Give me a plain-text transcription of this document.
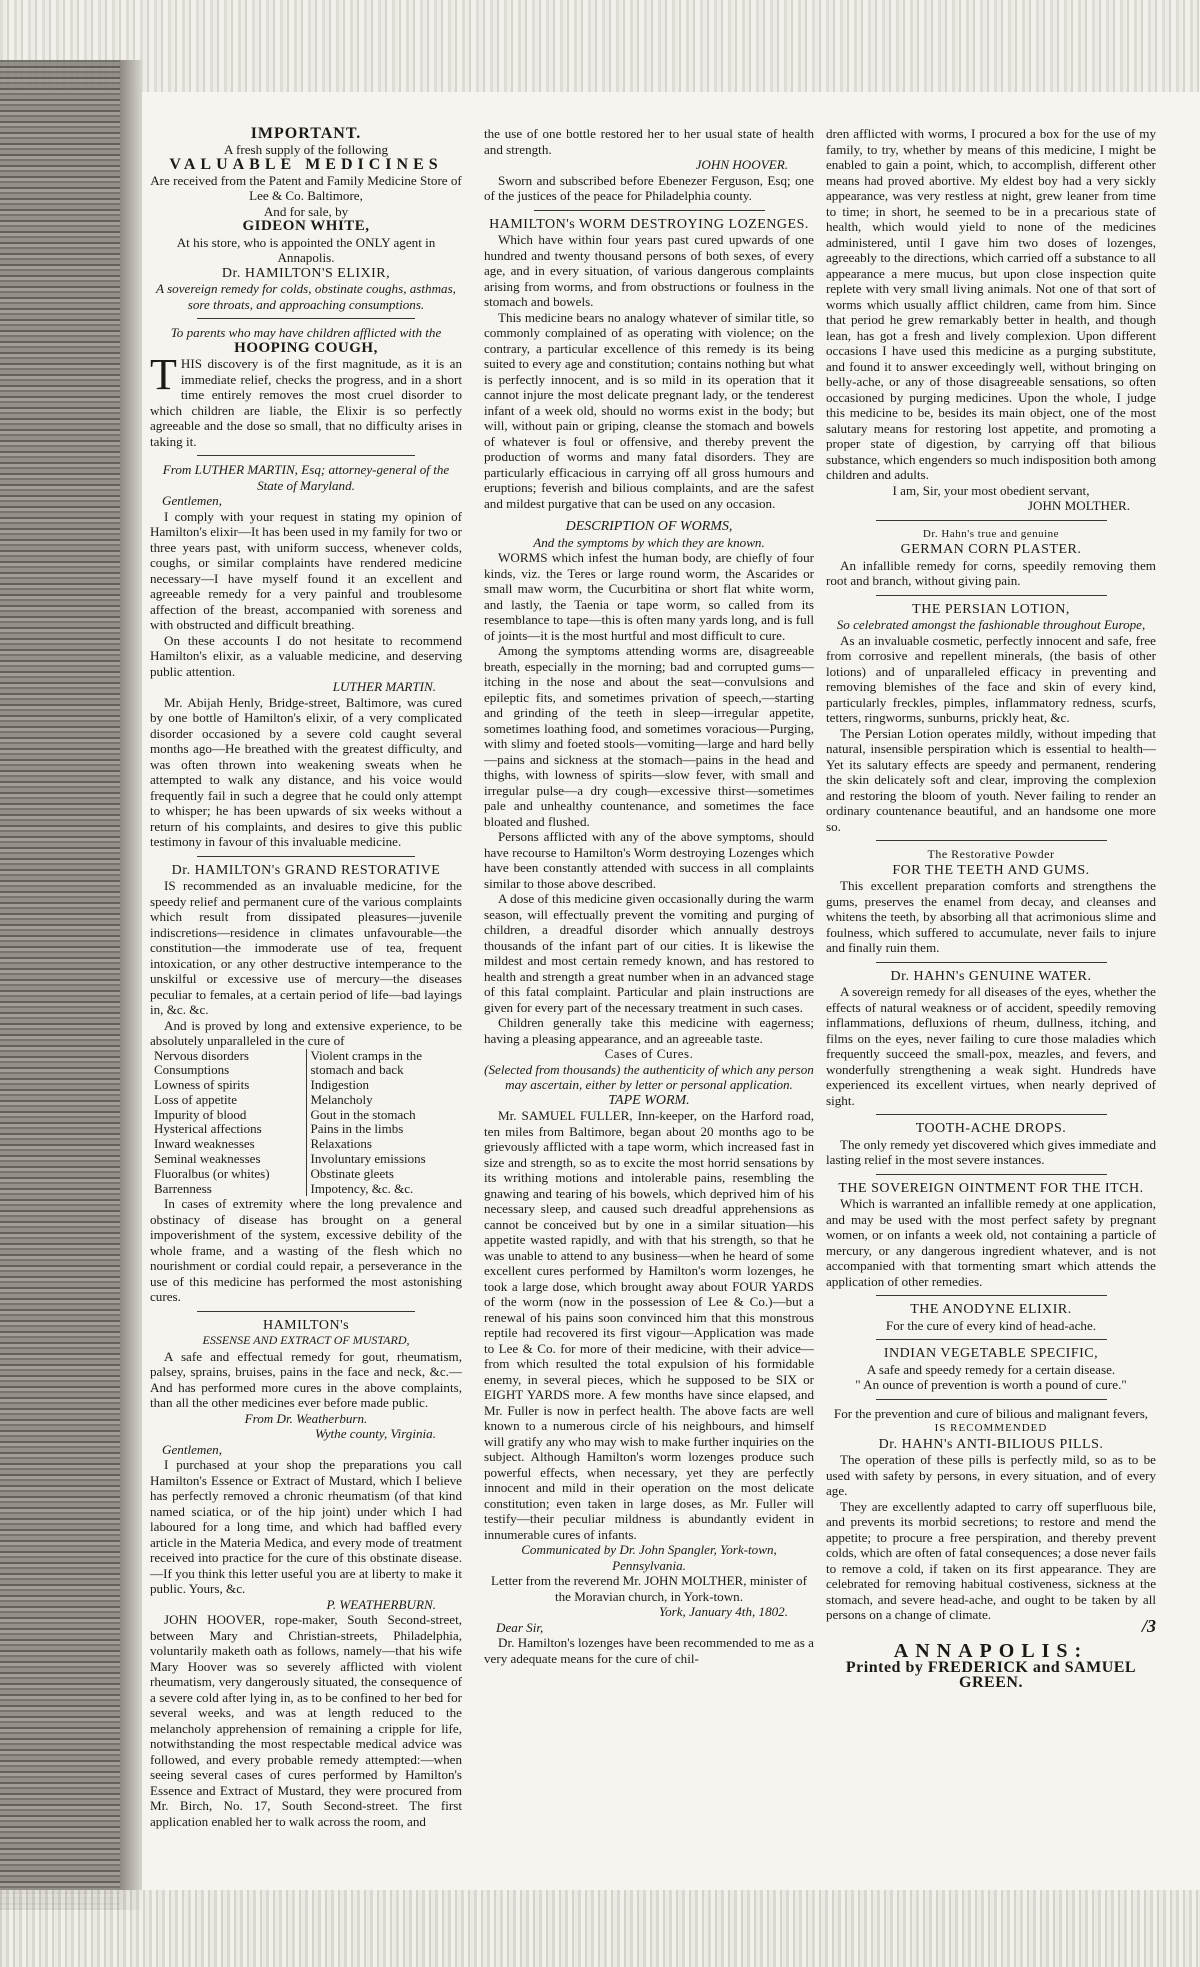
IMPORTANT.
A fresh supply of the following
VALUABLE MEDICINES
Are received from the Patent and Family Medicine Store of Lee & Co. Baltimore,
And for sale, by
GIDEON WHITE,
At his store, who is appointed the ONLY agent in Annapolis.
Dr. HAMILTON'S ELIXIR,
A sovereign remedy for colds, obstinate coughs, asthmas, sore throats, and approaching consumptions.
To parents who may have children afflicted with the
HOOPING COUGH,

THIS discovery is of the first magnitude, as it is an immediate relief, checks the progress, and in a short time entirely removes the most cruel disorder to which children are liable, the Elixir is so perfectly agreeable and the dose so small, that no difficulty arises in taking it.

From LUTHER MARTIN, Esq; attorney-general of the State of Maryland.
Gentlemen,

I comply with your request in stating my opinion of Hamilton's elixir—It has been used in my family for two or three years past, with uniform success, whenever colds, coughs, or similar complaints have rendered medicine necessary—I have myself found it an excellent and agreeable remedy for a very painful and troublesome affection of the breast, accompanied with soreness and with obstructed and difficult breathing.

On these accounts I do not hesitate to recommend Hamilton's elixir, as a valuable medicine, and deserving public attention.

LUTHER MARTIN.

Mr. Abijah Henly, Bridge-street, Baltimore, was cured by one bottle of Hamilton's elixir, of a very complicated disorder occasioned by a severe cold caught several months ago—He breathed with the greatest difficulty, and was often thrown into weakening sweats when he attempted to walk any distance, and his voice would frequently fail in such a degree that he could only attempt to whisper; he has been upwards of six weeks without a return of his complaints, and desires to give this public testimony in favour of this invaluable medicine.

Dr. HAMILTON's GRAND RESTORATIVE

IS recommended as an invaluable medicine, for the speedy relief and permanent cure of the various complaints which result from dissipated pleasures—juvenile indiscretions—residence in climates unfavourable—the constitution—the immoderate use of tea, frequent intoxication, or any other destructive intemperance to the unskilful or excessive use of mercury—the diseases peculiar to females, at a certain period of life—bad layings in, &c. &c.

And is proved by long and extensive experience, to be absolutely unparalleled in the cure of

Nervous disorders	Violent cramps in the
Consumptions	stomach and back
Lowness of spirits	Indigestion
Loss of appetite	Melancholy
Impurity of blood	Gout in the stomach
Hysterical affections	Pains in the limbs
Inward weaknesses	Relaxations
Seminal weaknesses	Involuntary emissions
Fluoralbus (or whites)	Obstinate gleets
Barrenness	Impotency, &c. &c.

In cases of extremity where the long prevalence and obstinacy of disease has brought on a general impoverishment of the system, excessive debility of the whole frame, and a wasting of the flesh which no nourishment or cordial could repair, a perseverance in the use of this medicine has performed the most astonishing cures.

HAMILTON's
ESSENSE AND EXTRACT OF MUSTARD,

A safe and effectual remedy for gout, rheumatism, palsey, sprains, bruises, pains in the face and neck, &c.—And has performed more cures in the above complaints, than all the other medicines ever before made public.

From Dr. Weatherburn.
Wythe county, Virginia.
Gentlemen,

I purchased at your shop the preparations you call Hamilton's Essence or Extract of Mustard, which I believe has perfectly removed a chronic rheumatism (of that kind named sciatica, or of the hip joint) under which I had laboured for a long time, and which had baffled every article in the Materia Medica, and every mode of treatment received into practice for the cure of this obstinate disease.—If you think this letter useful you are at liberty to make it public. Yours, &c.

P. WEATHERBURN.

JOHN HOOVER, rope-maker, South Second-street, between Mary and Christian-streets, Philadelphia, voluntarily maketh oath as follows, namely—that his wife Mary Hoover was so severely afflicted with violent rheumatism, very dangerously situated, the consequence of a severe cold after lying in, as to be confined to her bed for several weeks, and was at length reduced to the melancholy apprehension of remaining a cripple for life, notwithstanding the most respectable medical advice was followed, and every probable remedy attempted:—when seeing several cases of cures performed by Hamilton's Essence and Extract of Mustard, they were procured from Mr. Birch, No. 17, South Second-street. The first application enabled her to walk across the room, and

the use of one bottle restored her to her usual state of health and strength.

JOHN HOOVER.

Sworn and subscribed before Ebenezer Ferguson, Esq; one of the justices of the peace for Philadelphia county.

HAMILTON's WORM DESTROYING LOZENGES.

Which have within four years past cured upwards of one hundred and twenty thousand persons of both sexes, of every age, and in every situation, of various dangerous complaints arising from worms, and from obstructions or foulness in the stomach and bowels.

This medicine bears no analogy whatever of similar title, so commonly complained of as operating with violence; on the contrary, a particular excellence of this remedy is its being suited to every age and constitution; contains nothing but what is perfectly innocent, and is so mild in its operation that it cannot injure the most delicate pregnant lady, or the tenderest infant of a week old, should no worms exist in the body; but will, without pain or griping, cleanse the stomach and bowels of whatever is foul or offensive, and thereby prevent the production of worms and many fatal disorders. They are particularly efficacious in carrying off all gross humours and eruptions; feverish and bilious complaints, and are the safest and mildest purgative that can be used on any occasion.

DESCRIPTION OF WORMS,
And the symptoms by which they are known.

WORMS which infest the human body, are chiefly of four kinds, viz. the Teres or large round worm, the Ascarides or small maw worm, the Cucurbitina or short flat white worm, and lastly, the Taenia or tape worm, so called from its resemblance to tape—this is often many yards long, and is full of joints—it is the most hurtful and most difficult to cure.

Among the symptoms attending worms are, disagreeable breath, especially in the morning; bad and corrupted gums—itching in the nose and about the seat—convulsions and epileptic fits, and sometimes privation of speech,—starting and grinding of the teeth in sleep—irregular appetite, sometimes loathing food, and sometimes voracious—Purging, with slimy and foeted stools—vomiting—large and hard belly—pains and sickness at the stomach—pains in the head and thighs, with lowness of spirits—slow fever, with small and irregular pulse—a dry cough—excessive thirst—sometimes pale and unhealthy countenance, and sometimes the face bloated and flushed.

Persons afflicted with any of the above symptoms, should have recourse to Hamilton's Worm destroying Lozenges which have been constantly attended with success in all complaints similar to those above described.

A dose of this medicine given occasionally during the warm season, will effectually prevent the vomiting and purging of children, a dreadful disorder which annually destroys thousands of the infant part of our cities. It is likewise the mildest and most certain remedy known, and has restored to health and strength a great number when in an advanced stage of this fatal complaint. Particular and plain instructions are given for every part of the necessary treatment in such cases.

Children generally take this medicine with eagerness; having a pleasing appearance, and an agreeable taste.

Cases of Cures.
(Selected from thousands) the authenticity of which any person may ascertain, either by letter or personal application.
TAPE WORM.

Mr. SAMUEL FULLER, Inn-keeper, on the Harford road, ten miles from Baltimore, began about 20 months ago to be grievously afflicted with a tape worm, which increased fast in size and strength, so as to excite the most horrid sensations by its writhing motions and intolerable pains, resembling the gnawing and tearing of his bowels, which deprived him of his necessary sleep, and caused such dreadful apprehensions as cannot be conceived but by one in a similar situation—his appetite wasted rapidly, and with that his strength, so that he was unable to attend to any business—when he heard of some excellent cures performed by Hamilton's worm lozenges, he took a large dose, which brought away about FOUR YARDS of the worm (now in the possession of Lee & Co.)—but a renewal of his pains soon convinced him that this monstrous reptile had recovered its first vigour—Application was made to Lee & Co. for more of their medicine, with their advice—from which resulted the total expulsion of his formidable enemy, in several pieces, which he supposed to be SIX or EIGHT YARDS more. A few months have since elapsed, and Mr. Fuller is now in perfect health. The above facts are well known to a numerous circle of his neighbours, and himself will gratify any who may wish to make further inquiries on the subject. Although Hamilton's worm lozenges produce such powerful effects, when necessary, yet they are perfectly innocent and mild in their operation on the most delicate constitution; even taken in large doses, as Mr. Fuller will testify—their peculiar mildness is abundantly evident in innumerable cures of infants.

Communicated by Dr. John Spangler, York-town, Pennsylvania.
Letter from the reverend Mr. JOHN MOLTHER, minister of the Moravian church, in York-town.
York, January 4th, 1802.
Dear Sir,

Dr. Hamilton's lozenges have been recommended to me as a very adequate means for the cure of chil-

dren afflicted with worms, I procured a box for the use of my family, to try, whether by means of this medicine, I might be enabled to gain a point, which, to accomplish, different other means had proved abortive. My eldest boy had a very sickly appearance, was very restless at night, grew leaner from time to time; in short, he seemed to be in a precarious state of health, which would yield to none of the medicines administered, until I gave him two doses of lozenges, agreeably to the directions, which carried off a substance to all appearance a mere mucus, but upon close inspection quite replete with very small living animals. Not one of that sort of worms which usually afflict children, came from him. Since that period he grew remarkably better in health, and though lean, has got a fresh and lively complexion. Upon different occasions I have used this medicine as a purging substitute, and found it to answer exceedingly well, without bringing on belly-ache, or any of those disagreeable sensations, so often occasioned by purging medicines. Upon the whole, I judge this medicine to be, besides its main object, one of the most salutary means for restoring lost appetite, and promoting a proper state of digestion, by carrying off that bilious substance, which engenders so much indisposition both among children and adults.

I am, Sir, your most obedient servant,
JOHN MOLTHER.
Dr. Hahn's true and genuine
GERMAN CORN PLASTER.

An infallible remedy for corns, speedily removing them root and branch, without giving pain.

THE PERSIAN LOTION,
So celebrated amongst the fashionable throughout Europe,

As an invaluable cosmetic, perfectly innocent and safe, free from corrosive and repellent minerals, (the basis of other lotions) and of unparalleled efficacy in preventing and removing blemishes of the face and skin of every kind, particularly freckles, pimples, inflammatory redness, scurfs, tetters, ringworms, sunburns, prickly heat, &c.

The Persian Lotion operates mildly, without impeding that natural, insensible perspiration which is essential to health—Yet its salutary effects are speedy and permanent, rendering the skin delicately soft and clear, improving the complexion and restoring the bloom of youth. Never failing to render an ordinary countenance beautiful, and an handsome one more so.

The Restorative Powder
FOR THE TEETH AND GUMS.

This excellent preparation comforts and strengthens the gums, preserves the enamel from decay, and cleanses and whitens the teeth, by absorbing all that acrimonious slime and foulness, which suffered to accumulate, never fails to injure and finally ruin them.

Dr. HAHN's GENUINE WATER.

A sovereign remedy for all diseases of the eyes, whether the effects of natural weakness or of accident, speedily removing inflammations, defluxions of rheum, dullness, itching, and films on the eyes, never failing to cure those maladies which frequently succeed the small-pox, meazles, and fevers, and wonderfully strengthening a weak sight. Hundreds have experienced its excellent virtues, when nearly deprived of sight.

TOOTH-ACHE DROPS.

The only remedy yet discovered which gives immediate and lasting relief in the most severe instances.

THE SOVEREIGN OINTMENT FOR THE ITCH.

Which is warranted an infallible remedy at one application, and may be used with the most perfect safety by pregnant women, or on infants a week old, not containing a particle of mercury, or any dangerous ingredient whatever, and is not accompanied with that tormenting smart which attends the application of other remedies.

THE ANODYNE ELIXIR.
For the cure of every kind of head-ache.
INDIAN VEGETABLE SPECIFIC,
A safe and speedy remedy for a certain disease.
" An ounce of prevention is worth a pound of cure."
For the prevention and cure of bilious and malignant fevers,
IS RECOMMENDED
Dr. HAHN's ANTI-BILIOUS PILLS.

The operation of these pills is perfectly mild, so as to be used with safety by persons, in every situation, and of every age.

They are excellently adapted to carry off superfluous bile, and prevents its morbid secretions; to restore and mend the appetite; to procure a free perspiration, and thereby prevent colds, which are often of fatal consequences; a dose never fails to remove a cold, if taken on its first appearance. They are celebrated for removing habitual costiveness, sickness at the stomach, and severe head-ache, and ought to be taken by all persons on a change of climate.

/3
ANNAPOLIS:
Printed by FREDERICK and SAMUEL GREEN.
